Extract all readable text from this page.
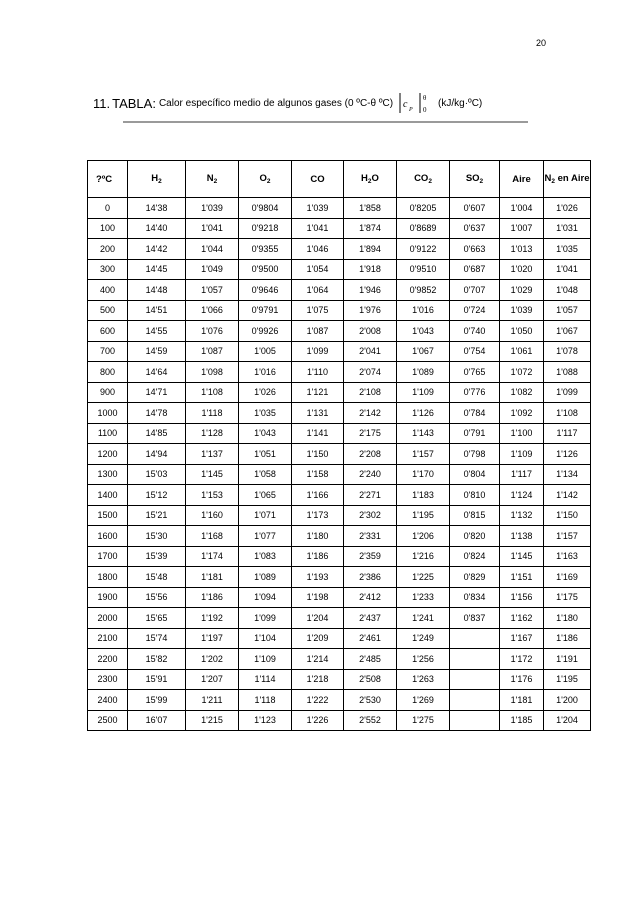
20
11. TABLA: Calor específico medio de algunos gases (0 ºC-θ ºC) c P
θ
0
(kJ/kg·ºC)
?ºC	$H_2$	$N_2$	$O_2$	CO	$H_2O$	$CO_2$	$SO_2$	Aire	$N_2$ en Aire
0	14'38	1'039	0'9804	1'039	1'858	0'8205	0'607	1'004	1'026
100	14'40	1'041	0'9218	1'041	1'874	0'8689	0'637	1'007	1'031
200	14'42	1'044	0'9355	1'046	1'894	0'9122	0'663	1'013	1'035
300	14'45	1'049	0'9500	1'054	1'918	0'9510	0'687	1'020	1'041
400	14'48	1'057	0'9646	1'064	1'946	0'9852	0'707	1'029	1'048
500	14'51	1'066	0'9791	1'075	1'976	1'016	0'724	1'039	1'057
600	14'55	1'076	0'9926	1'087	2'008	1'043	0'740	1'050	1'067
700	14'59	1'087	1'005	1'099	2'041	1'067	0'754	1'061	1'078
800	14'64	1'098	1'016	1'110	2'074	1'089	0'765	1'072	1'088
900	14'71	1'108	1'026	1'121	2'108	1'109	0'776	1'082	1'099
1000	14'78	1'118	1'035	1'131	2'142	1'126	0'784	1'092	1'108
1100	14'85	1'128	1'043	1'141	2'175	1'143	0'791	1'100	1'117
1200	14'94	1'137	1'051	1'150	2'208	1'157	0'798	1'109	1'126
1300	15'03	1'145	1'058	1'158	2'240	1'170	0'804	1'117	1'134
1400	15'12	1'153	1'065	1'166	2'271	1'183	0'810	1'124	1'142
1500	15'21	1'160	1'071	1'173	2'302	1'195	0'815	1'132	1'150
1600	15'30	1'168	1'077	1'180	2'331	1'206	0'820	1'138	1'157
1700	15'39	1'174	1'083	1'186	2'359	1'216	0'824	1'145	1'163
1800	15'48	1'181	1'089	1'193	2'386	1'225	0'829	1'151	1'169
1900	15'56	1'186	1'094	1'198	2'412	1'233	0'834	1'156	1'175
2000	15'65	1'192	1'099	1'204	2'437	1'241	0'837	1'162	1'180
2100	15'74	1'197	1'104	1'209	2'461	1'249		1'167	1'186
2200	15'82	1'202	1'109	1'214	2'485	1'256		1'172	1'191
2300	15'91	1'207	1'114	1'218	2'508	1'263		1'176	1'195
2400	15'99	1'211	1'118	1'222	2'530	1'269		1'181	1'200
2500	16'07	1'215	1'123	1'226	2'552	1'275		1'185	1'204
